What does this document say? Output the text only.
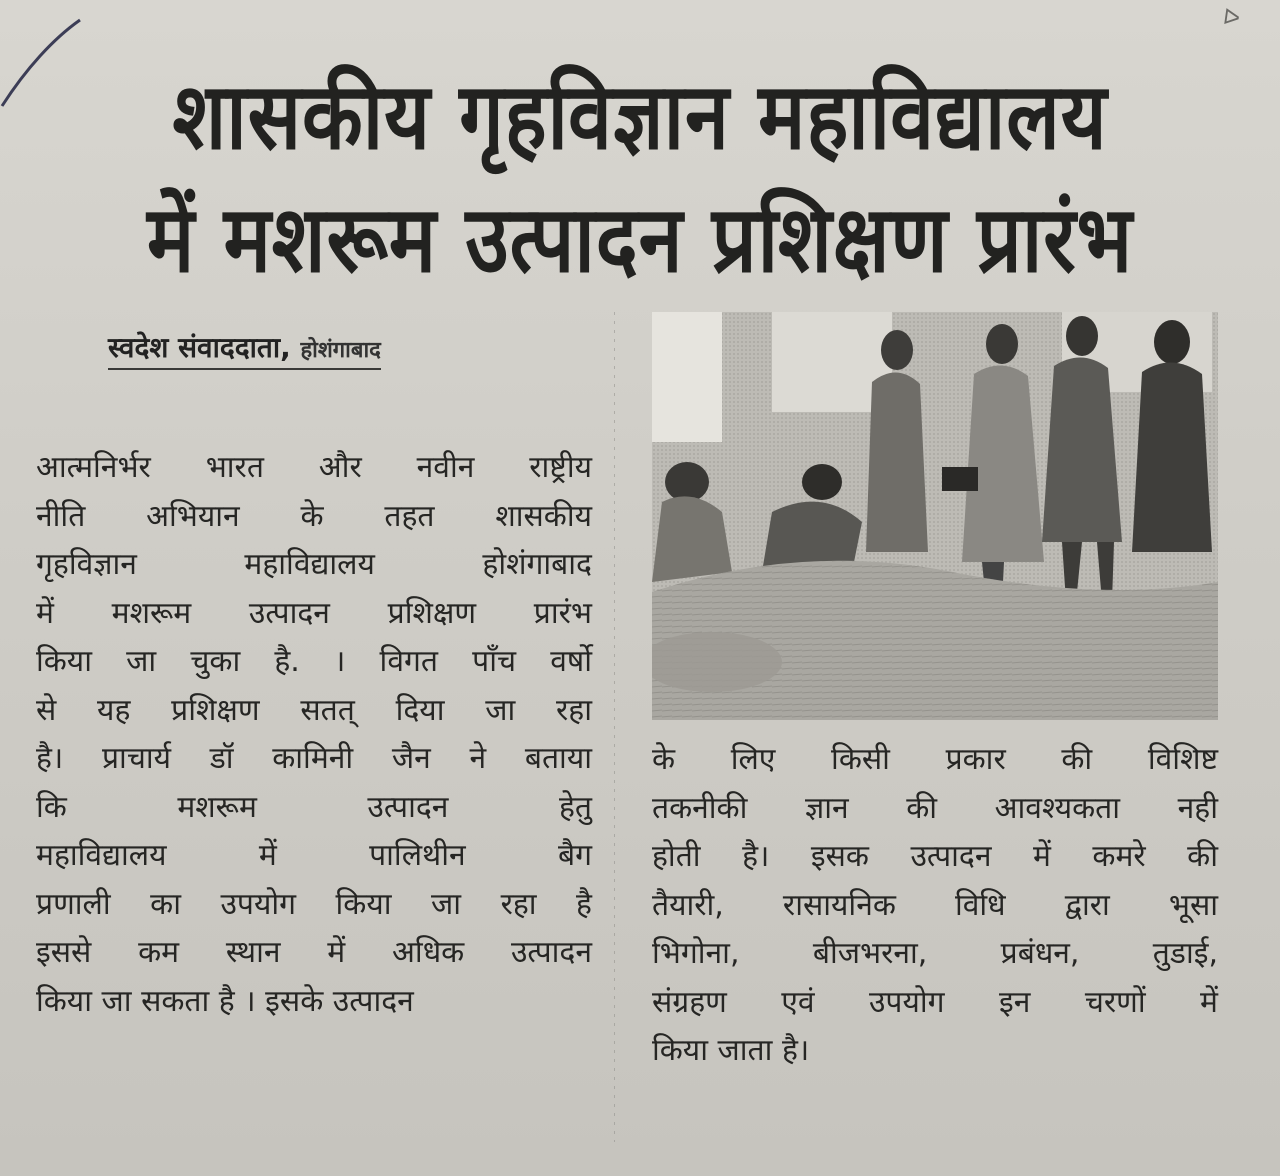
ᐅ
शासकीय गृहविज्ञान महाविद्यालय
में मशरूम उत्पादन प्रशिक्षण प्रारंभ
स्वदेश संवाददाता, होशंगाबाद
आत्मनिर्भर भारत और नवीन राष्ट्रीय
नीति अभियान के तहत शासकीय
गृहविज्ञान महाविद्यालय होशंगाबाद
में मशरूम उत्पादन प्रशिक्षण प्रारंभ
किया जा चुका है. । विगत पाँच वर्षो
से यह प्रशिक्षण सतत् दिया जा रहा
है। प्राचार्य डॉ कामिनी जैन ने बताया
कि मशरूम उत्पादन हेतु
महाविद्यालय में पालिथीन बैग
प्रणाली का उपयोग किया जा रहा है
इससे कम स्थान में अधिक उत्पादन
किया जा सकता है । इसके उत्पादन
के लिए किसी प्रकार की विशिष्ट
तकनीकी ज्ञान की आवश्यकता नही
होती है। इसक उत्पादन में कमरे की
तैयारी, रासायनिक विधि द्वारा भूसा
भिगोना, बीजभरना, प्रबंधन, तुडाई,
संग्रहण एवं उपयोग इन चरणों में
किया जाता है।
